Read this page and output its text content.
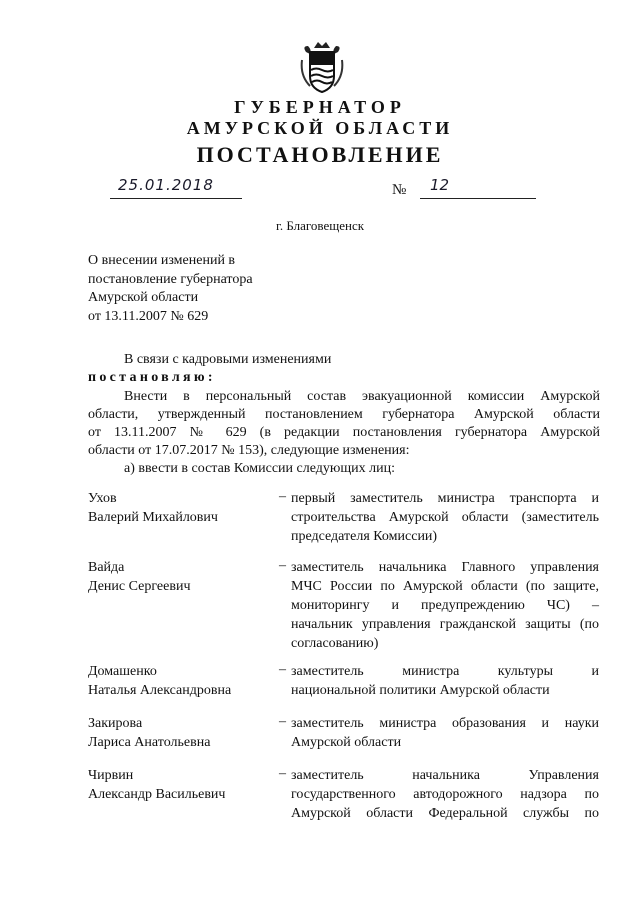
ГУБЕРНАТОР
АМУРСКОЙ ОБЛАСТИ
ПОСТАНОВЛЕНИЕ
25.01.2018	№ 12
г. Благовещенск
О внесении изменений в
постановление губернатора
Амурской области
от 13.11.2007 № 629
В связи с кадровыми изменениями
постановляю:
Внести в персональный состав эвакуационной комиссии Амурской
области, утвержденный постановлением губернатора Амурской области
от 13.11.2007 № 629 (в редакции постановления губернатора Амурской
области от 17.07.2017 № 153), следующие изменения:
а) ввести в состав Комиссии следующих лиц:
Ухов
Валерий Михайлович
– первый заместитель министра транспорта и
строительства Амурской области (заместитель
председателя Комиссии)
Вайда
Денис Сергеевич
– заместитель начальника Главного управления
МЧС России по Амурской области (по защите,
мониторингу и предупреждению ЧС) –
начальник управления гражданской защиты (по
согласованию)
Домашенко
Наталья Александровна
– заместитель министра культуры и
национальной политики Амурской области
Закирова
Лариса Анатольевна
– заместитель министра образования и науки
Амурской области
Чирвин
Александр Васильевич
– заместитель начальника Управления
государственного автодорожного надзора по
Амурской области Федеральной службы по
